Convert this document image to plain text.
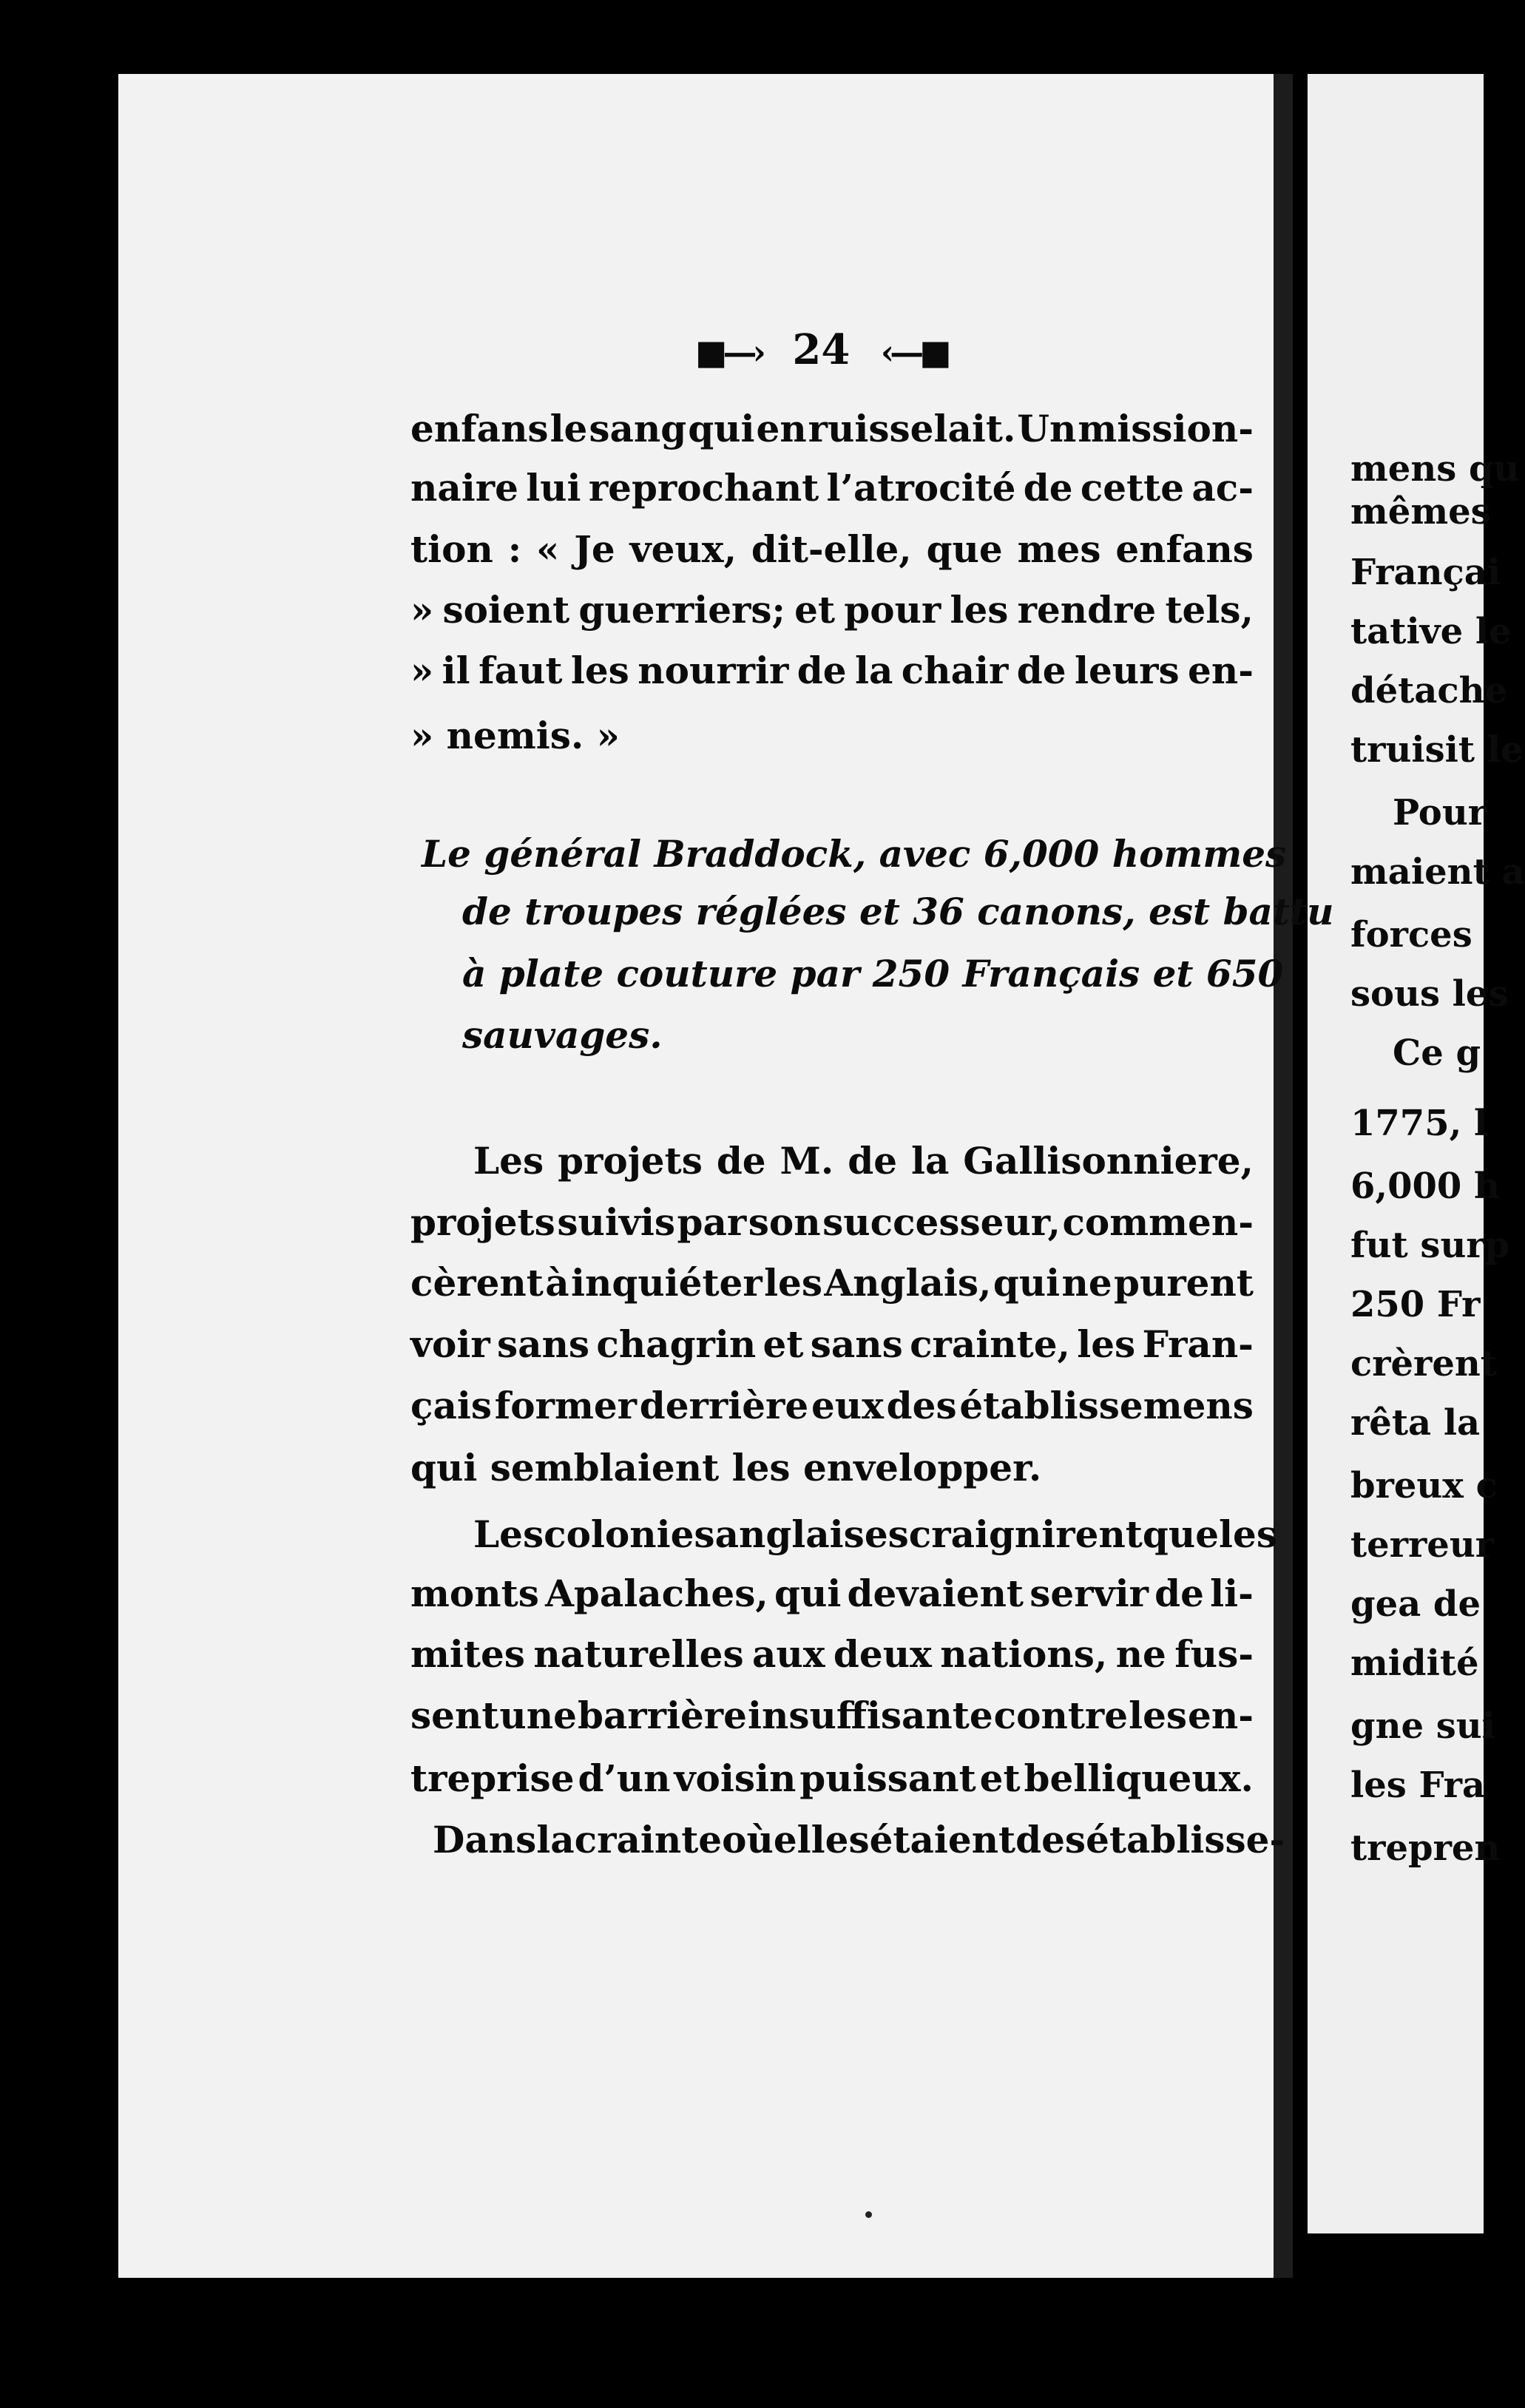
mens qu
mêmes
Françai
tative le
détache
truisit le
Pour
maient a
forces
sous les
Ce g
1775, l
6,000 h
fut surp
250 Fr
crèrent
rêta la
breux c
terreur
gea de
midité
gne sui
les Fra
trepren
■—› 24 ‹—■
enfans le sang qui en ruisselait. Un mission-
naire lui reprochant l’atrocité de cette ac-
tion : « Je veux, dit-elle, que mes enfans
» soient guerriers; et pour les rendre tels,
» il faut les nourrir de la chair de leurs en-
» nemis. »
Le général Braddock, avec 6,000 hommes
de troupes réglées et 36 canons, est battu
à plate couture par 250 Français et 650
sauvages.
Les projets de M. de la Gallisonniere,
projets suivis par son successeur, commen-
cèrent à inquiéter les Anglais, qui ne purent
voir sans chagrin et sans crainte, les Fran-
çais former derrière eux des établissemens
qui semblaient les envelopper.
Les colonies anglaises craignirent que les
monts Apalaches, qui devaient servir de li-
mites naturelles aux deux nations, ne fus-
sent une barrière insuffisante contre les en-
treprise d’un voisin puissant et belliqueux.
Dans la crainte où elles étaient des établisse-
